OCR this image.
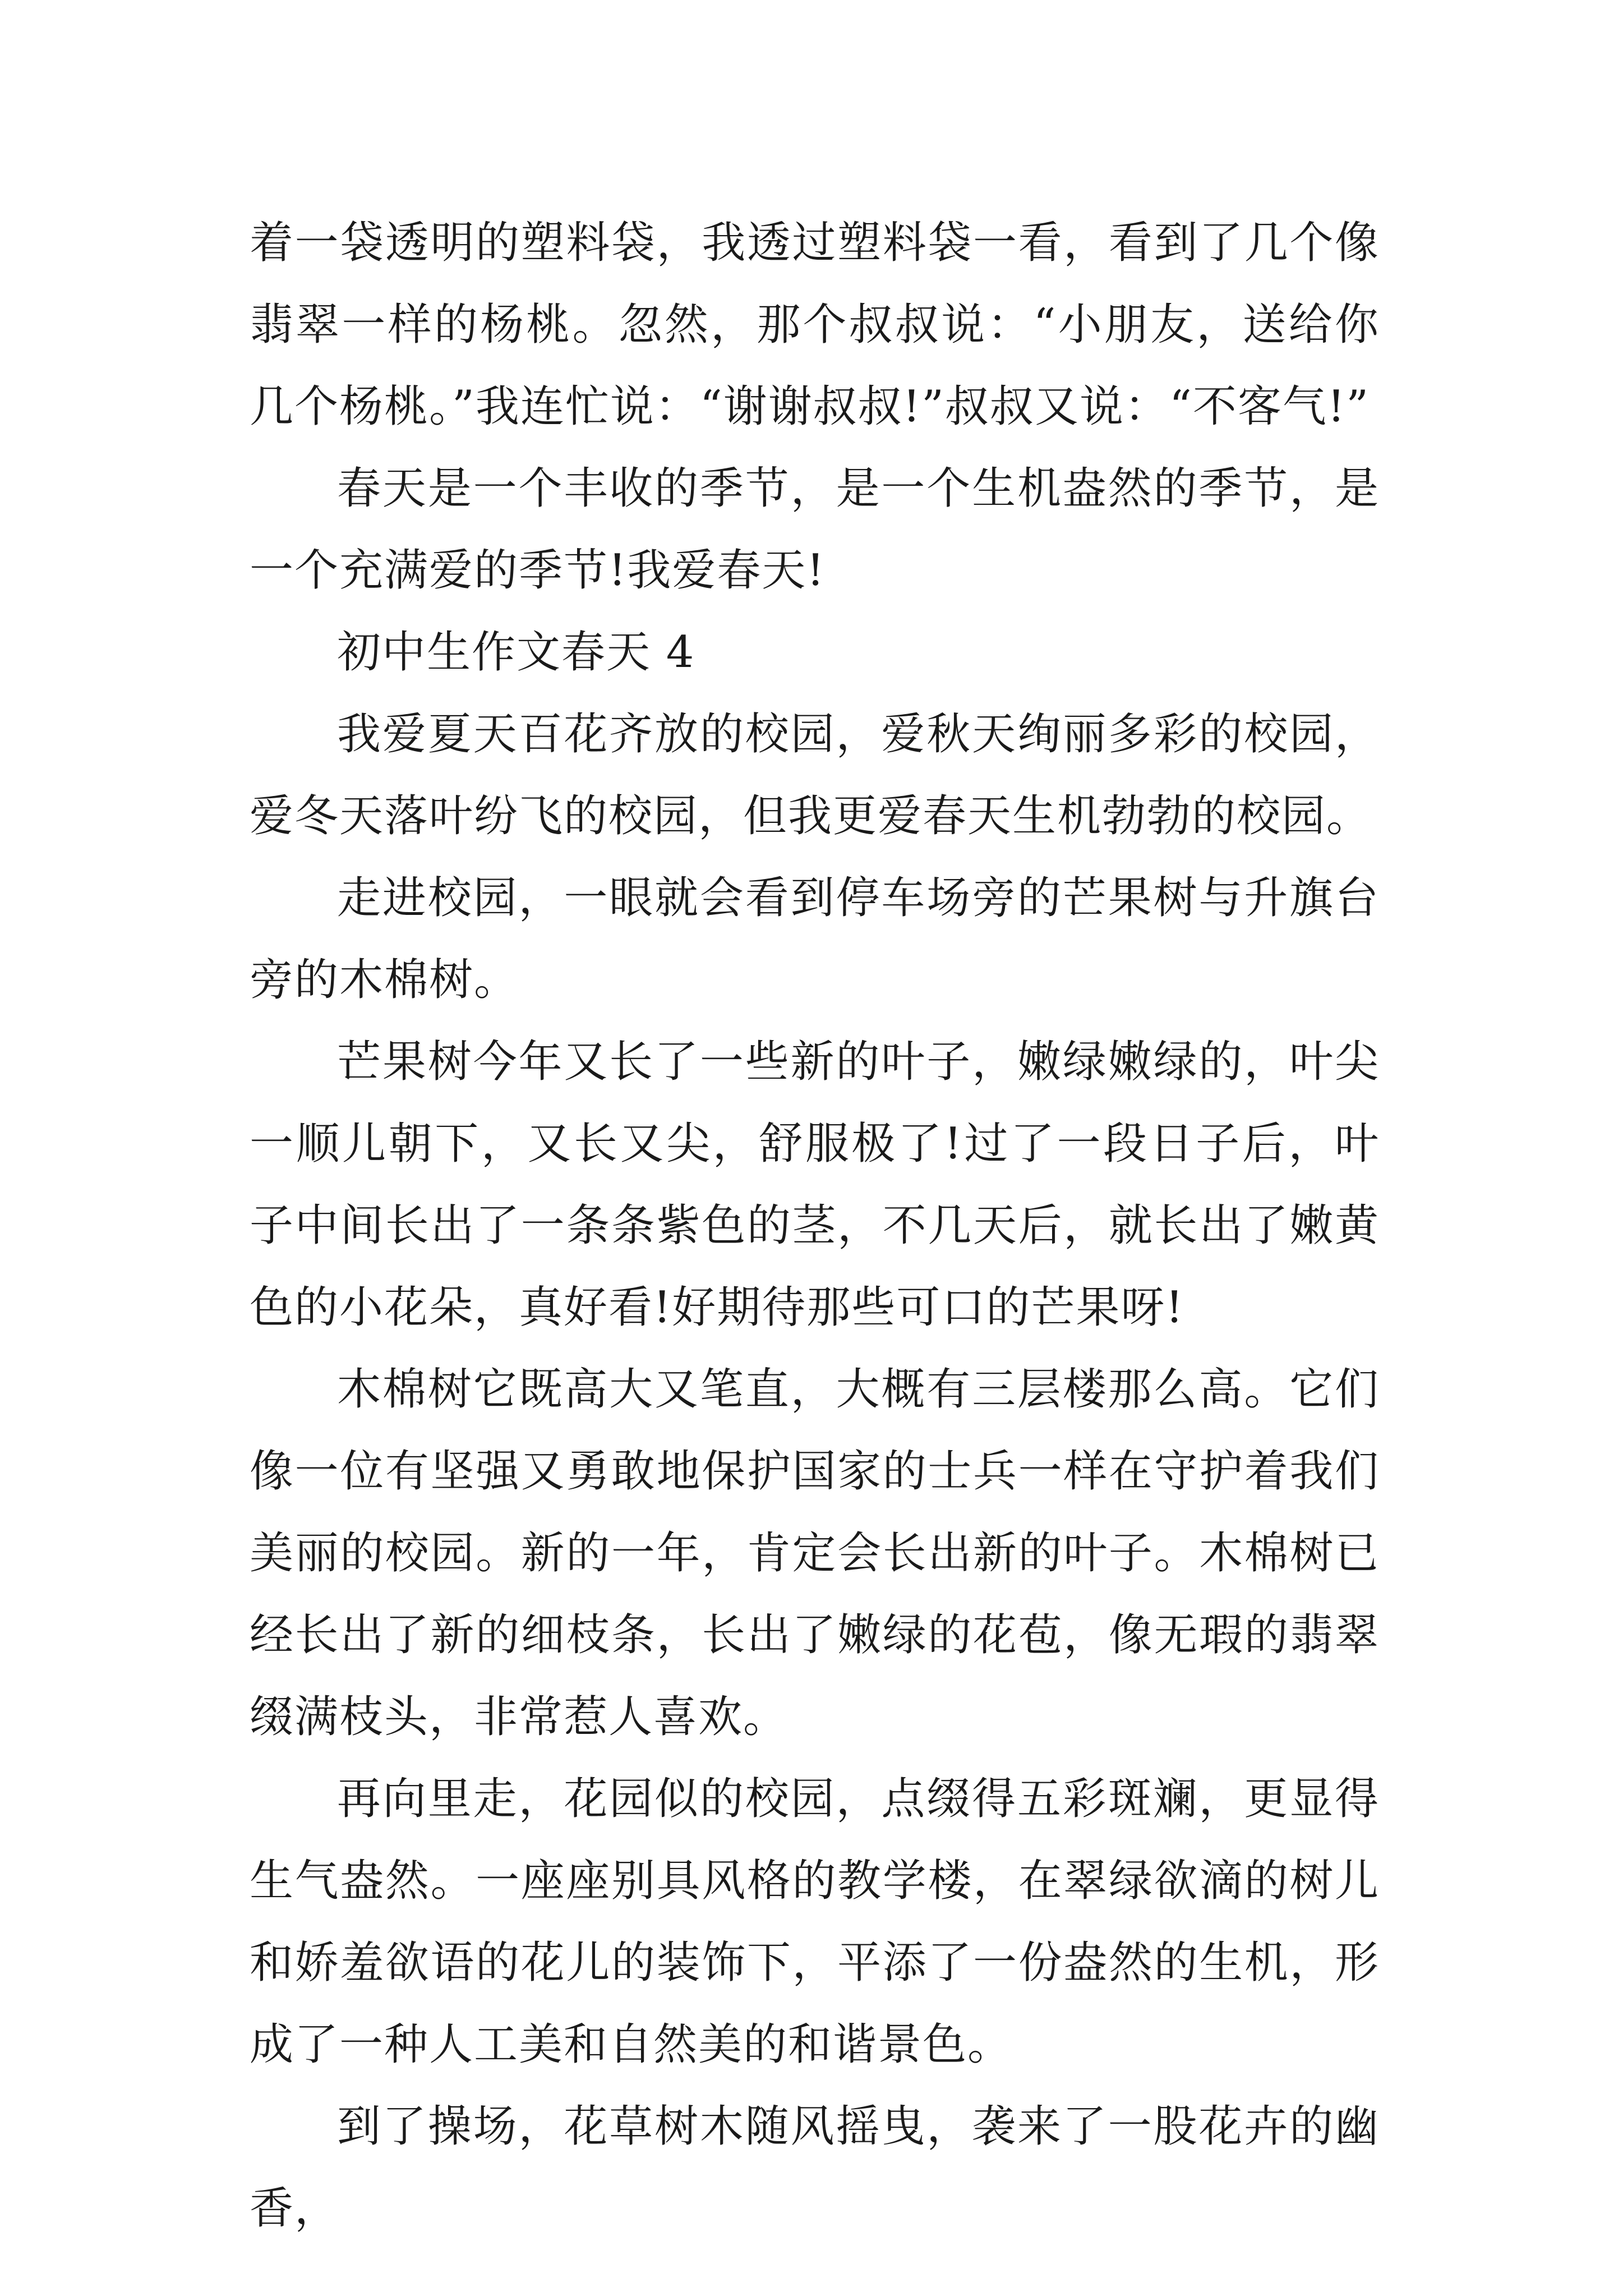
着一袋透明的塑料袋，我透过塑料袋一看，看到了几个像翡翠一样的杨桃。忽然，那个叔叔说：“小朋友，送给你几个杨桃。”我连忙说：“谢谢叔叔!”叔叔又说：“不客气!”

春天是一个丰收的季节，是一个生机盎然的季节，是一个充满爱的季节!我爱春天!

初中生作文春天 4

我爱夏天百花齐放的校园，爱秋天绚丽多彩的校园，爱冬天落叶纷飞的校园，但我更爱春天生机勃勃的校园。

走进校园，一眼就会看到停车场旁的芒果树与升旗台旁的木棉树。

芒果树今年又长了一些新的叶子，嫩绿嫩绿的，叶尖一顺儿朝下，又长又尖，舒服极了!过了一段日子后，叶子中间长出了一条条紫色的茎，不几天后，就长出了嫩黄色的小花朵，真好看!好期待那些可口的芒果呀!

木棉树它既高大又笔直，大概有三层楼那么高。它们像一位有坚强又勇敢地保护国家的士兵一样在守护着我们美丽的校园。新的一年，肯定会长出新的叶子。木棉树已经长出了新的细枝条，长出了嫩绿的花苞，像无瑕的翡翠缀满枝头，非常惹人喜欢。

再向里走，花园似的校园，点缀得五彩斑斓，更显得生气盎然。一座座别具风格的教学楼，在翠绿欲滴的树儿和娇羞欲语的花儿的装饰下，平添了一份盎然的生机，形成了一种人工美和自然美的和谐景色。

到了操场，花草树木随风摇曳，袭来了一股花卉的幽香，
